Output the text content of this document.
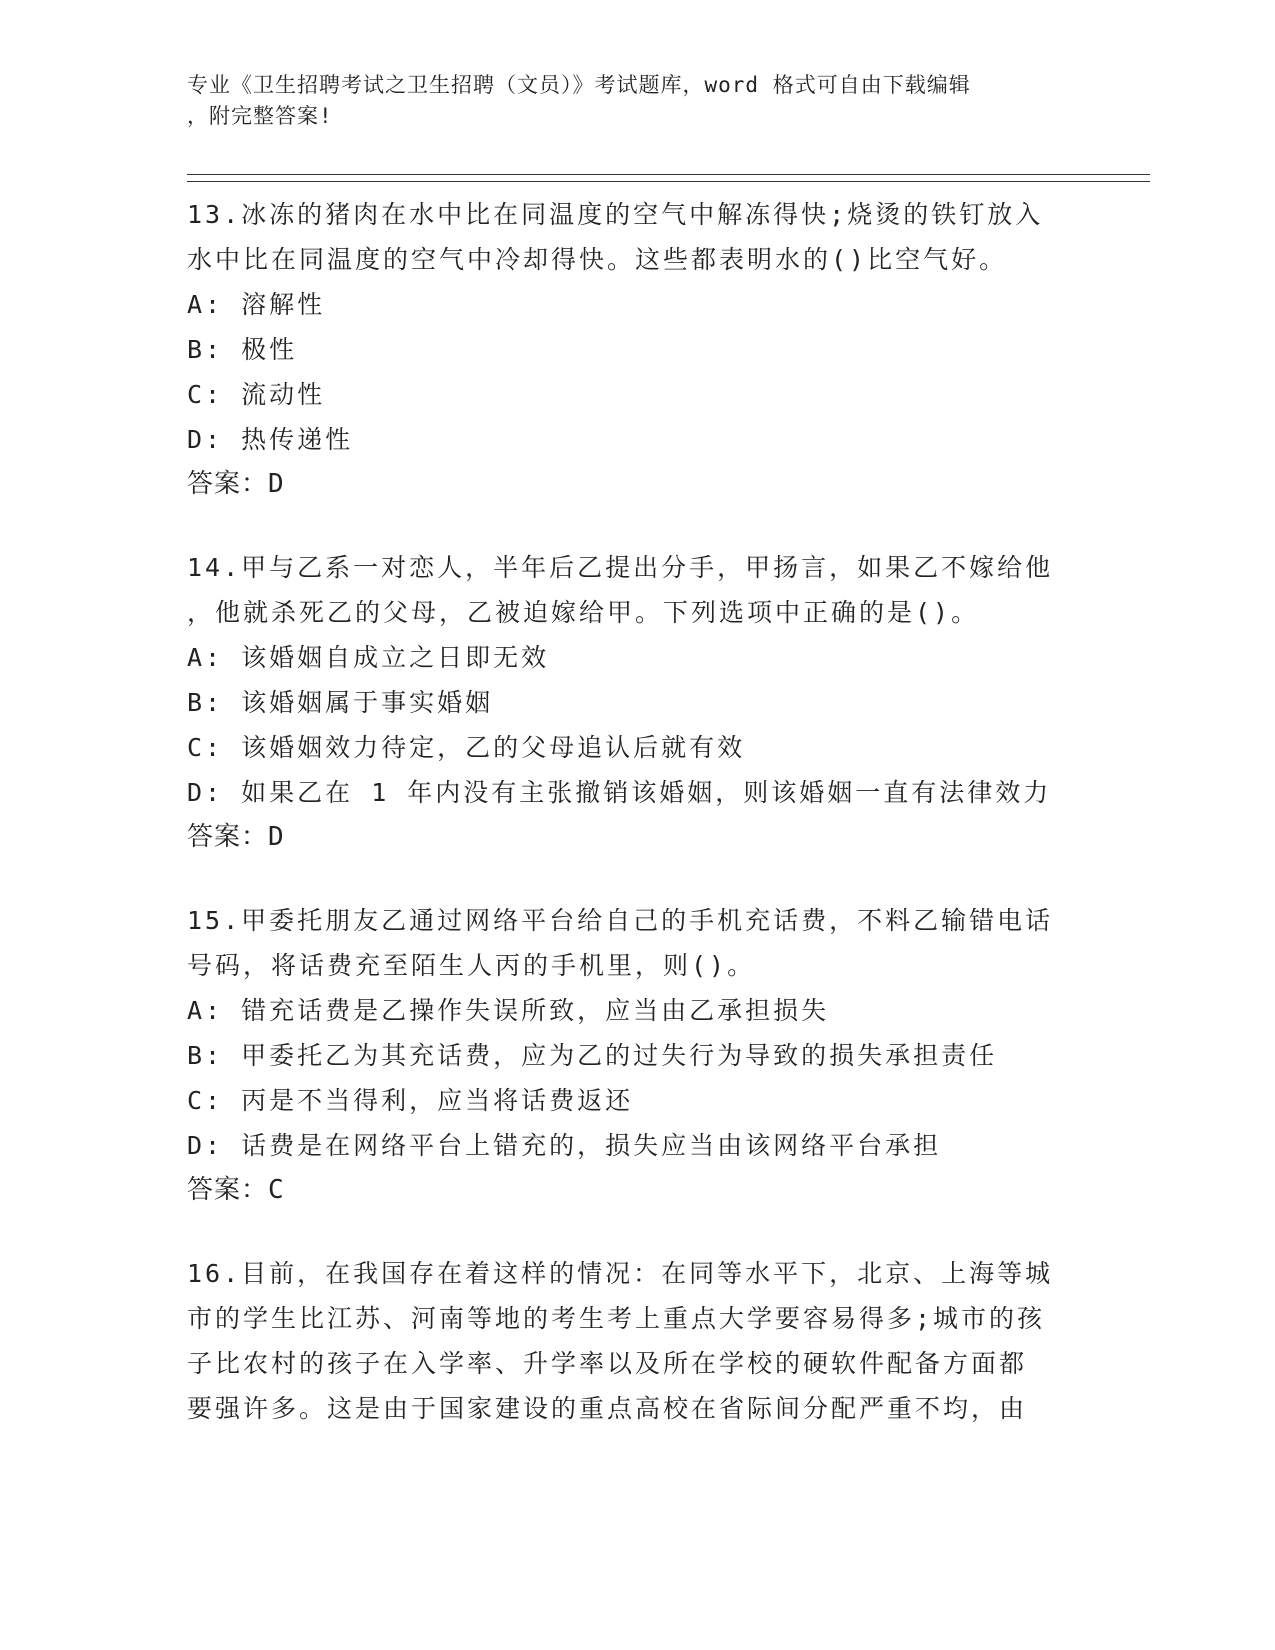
专业《卫生招聘考试之卫生招聘（文员）》考试题库，word 格式可自由下载编辑
，附完整答案!

13.冰冻的猪肉在水中比在同温度的空气中解冻得快;烧烫的铁钉放入

水中比在同温度的空气中冷却得快。这些都表明水的()比空气好。

A: 溶解性

B: 极性

C: 流动性

D: 热传递性

答案：D

14.甲与乙系一对恋人，半年后乙提出分手，甲扬言，如果乙不嫁给他

，他就杀死乙的父母，乙被迫嫁给甲。下列选项中正确的是()。

A: 该婚姻自成立之日即无效

B: 该婚姻属于事实婚姻

C: 该婚姻效力待定，乙的父母追认后就有效

D: 如果乙在 1 年内没有主张撤销该婚姻，则该婚姻一直有法律效力

答案：D

15.甲委托朋友乙通过网络平台给自己的手机充话费，不料乙输错电话

号码，将话费充至陌生人丙的手机里，则()。

A: 错充话费是乙操作失误所致，应当由乙承担损失

B: 甲委托乙为其充话费，应为乙的过失行为导致的损失承担责任

C: 丙是不当得利，应当将话费返还

D: 话费是在网络平台上错充的，损失应当由该网络平台承担

答案：C

16.目前，在我国存在着这样的情况：在同等水平下，北京、上海等城

市的学生比江苏、河南等地的考生考上重点大学要容易得多;城市的孩

子比农村的孩子在入学率、升学率以及所在学校的硬软件配备方面都

要强许多。这是由于国家建设的重点高校在省际间分配严重不均，由
